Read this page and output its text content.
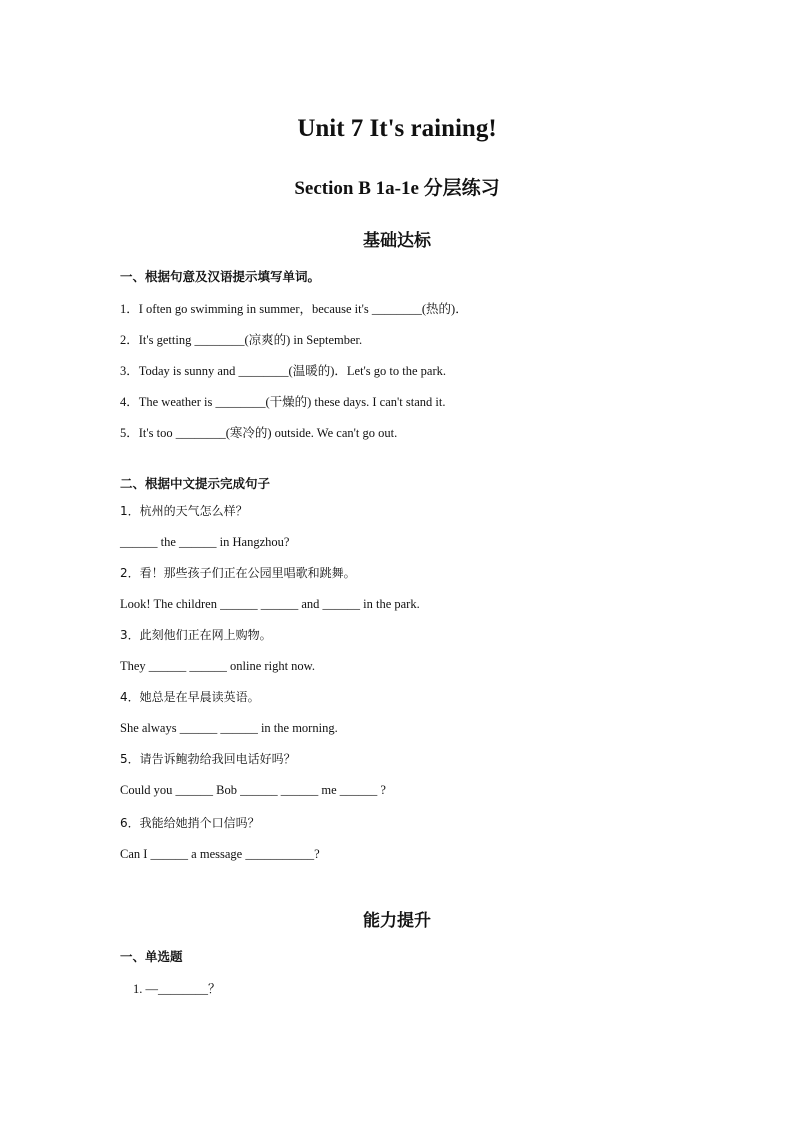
Unit 7 It's raining!
Section B 1a-1e 分层练习
基础达标
一、根据句意及汉语提示填写单词。
1．I often go swimming in summer，because it's ________(热的)．
2．It's getting ________(凉爽的) in September.
3．Today is sunny and ________(温暖的)．Let's go to the park.
4．The weather is ________(干燥的) these days. I can't stand it.
5．It's too ________(寒冷的) outside. We can't go out.
二、根据中文提示完成句子
1．杭州的天气怎么样？
______ the ______ in Hangzhou?
2．看！那些孩子们正在公园里唱歌和跳舞。
Look! The children ______ ______ and ______ in the park.
3．此刻他们正在网上购物。
They ______ ______ online right now.
4．她总是在早晨读英语。
She always ______ ______ in the morning.
5．请告诉鲍勃给我回电话好吗？
Could you ______ Bob ______ ______ me ______ ?
6．我能给她捎个口信吗？
Can I ______ a message ___________?
能力提升
一、单选题
1. —________？
